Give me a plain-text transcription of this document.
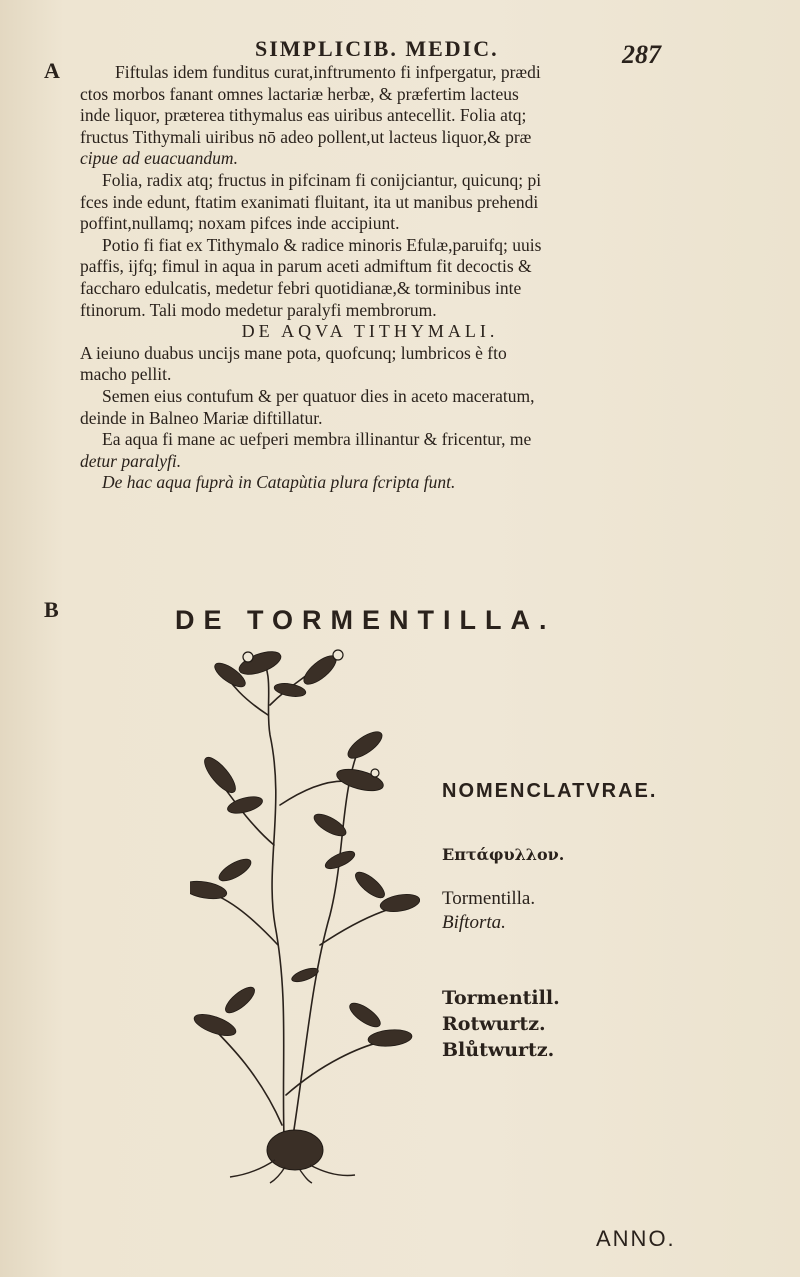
SIMPLICIB. MEDIC.	287
A
B
Fiftulas idem funditus curat,inftrumento fi infpergatur, prædi
ctos morbos fanant omnes lactariæ herbæ, & præfertim lacteus
inde liquor, præterea tithymalus eas uiribus antecellit. Folia atq;
fructus Tithymali uiribus nō adeo pollent,ut lacteus liquor,& præ
cipue ad euacuandum.
Folia, radix atq; fructus in pifcinam fi conijciantur, quicunq; pi
fces inde edunt, ftatim exanimati fluitant, ita ut manibus prehendi
poffint,nullamq; noxam pifces inde accipiunt.
Potio fi fiat ex Tithymalo & radice minoris Efulæ,paruifq; uuis
paffis, ijfq; fimul in aqua in parum aceti admiftum fit decoctis &
faccharo edulcatis, medetur febri quotidianæ,& torminibus inte
ftinorum. Tali modo medetur paralyfi membrorum.
DE AQVA TITHYMALI.
A ieiuno duabus uncijs mane pota, quofcunq; lumbricos è fto
macho pellit.
Semen eius contufum & per quatuor dies in aceto maceratum,
deinde in Balneo Mariæ diftillatur.
Ea aqua fi mane ac uefperi membra illinantur & fricentur, me
detur paralyfi.
De hac aqua fuprà in Catapùtia plura fcripta funt.
DE TORMENTILLA.
NOMENCLATVRAE.
Επτάφυλλον.
Tormentilla.
Biftorta.
Tormentill.
Rotwurtz.
Blůtwurtz.
ANNO.
